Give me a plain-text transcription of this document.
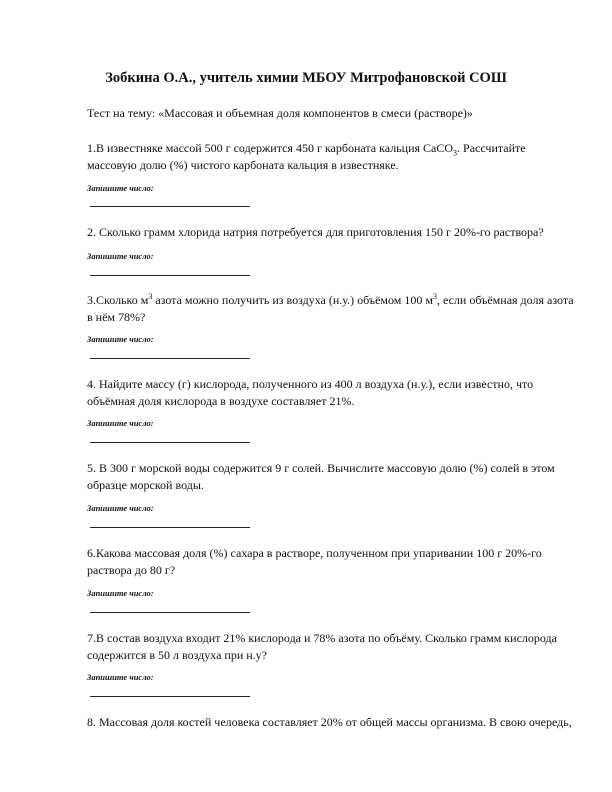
Зобкина О.А., учитель химии МБОУ Митрофановской СОШ
Тест на тему: «Массовая и объемная доля компонентов в смеси (растворе)»
1.В известняке массой 500 г содержится 450 г карбоната кальция CaCO$_3$. Рассчитайте массовую долю (%) чистого карбоната кальция в известняке.
Запишите число:
2. Сколько грамм хлорида натрия потребуется для приготовления 150 г 20%-го раствора?
Запишите число:
3.Сколько $м^3$ азота можно получить из воздуха (н.у.) объёмом 100 $м^3$, если объёмная доля азота в нём 78%?
Запишите число:
4. Найдите массу (г) кислорода, полученного из 400 л воздуха (н.у.), если известно, что объёмная доля кислорода в воздухе составляет 21%.
Запишите число:
5. В 300 г морской воды содержится 9 г солей. Вычислите массовую долю (%) солей в этом образце морской воды.
Запишите число:
6.Какова массовая доля (%) сахара в растворе, полученном при упаривании 100 г 20%-го раствора до 80 г?
Запишите число:
7.В состав воздуха входит 21% кислорода и 78% азота по объёму. Сколько грамм кислорода содержится в 50 л воздуха при н.у?
Запишите число:
8. Массовая доля костей человека составляет 20% от общей массы организма. В свою очередь,
